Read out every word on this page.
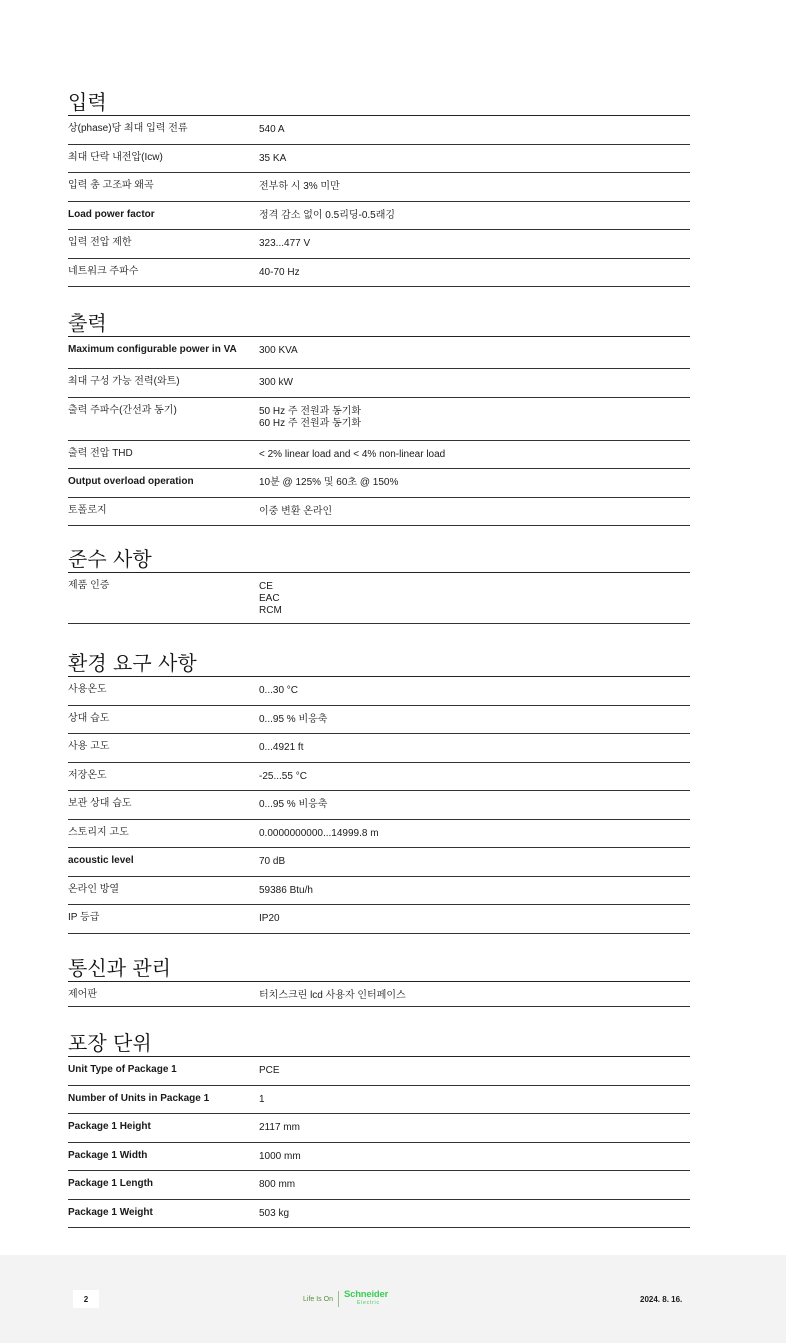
입력
상(phase)당 최대 입력 전류	540 A
최대 단락 내전압(Icw)	35 KA
입력 총 고조파 왜곡	전부하 시 3% 미만
Load power factor	정격 감소 없이 0.5리딩-0.5래깅
입력 전압 제한	323...477 V
네트워크 주파수	40-70 Hz
출력
Maximum configurable power in VA	300 KVA
최대 구성 가능 전력(와트)	300 kW
출력 주파수(간선과 동기)	50 Hz 주 전원과 동기화
60 Hz 주 전원과 동기화
출력 전압 THD	< 2% linear load and < 4% non-linear load
Output overload operation	10분 @ 125% 및 60초 @ 150%
토폴로지	이중 변환 온라인
준수 사항
제품 인증	CE
EAC
RCM
환경 요구 사항
사용온도	0...30 °C
상대 습도	0...95 % 비응축
사용 고도	0...4921 ft
저장온도	-25...55 °C
보관 상대 습도	0...95 % 비응축
스토리지 고도	0.0000000000...14999.8 m
acoustic level	70 dB
온라인 방열	59386 Btu/h
IP 등급	IP20
통신과 관리
제어판	터치스크린 lcd 사용자 인터페이스
포장 단위
Unit Type of Package 1	PCE
Number of Units in Package 1	1
Package 1 Height	2117 mm
Package 1 Width	1000 mm
Package 1 Length	800 mm
Package 1 Weight	503 kg
2	Life Is On Schneider
Electric	2024. 8. 16.
